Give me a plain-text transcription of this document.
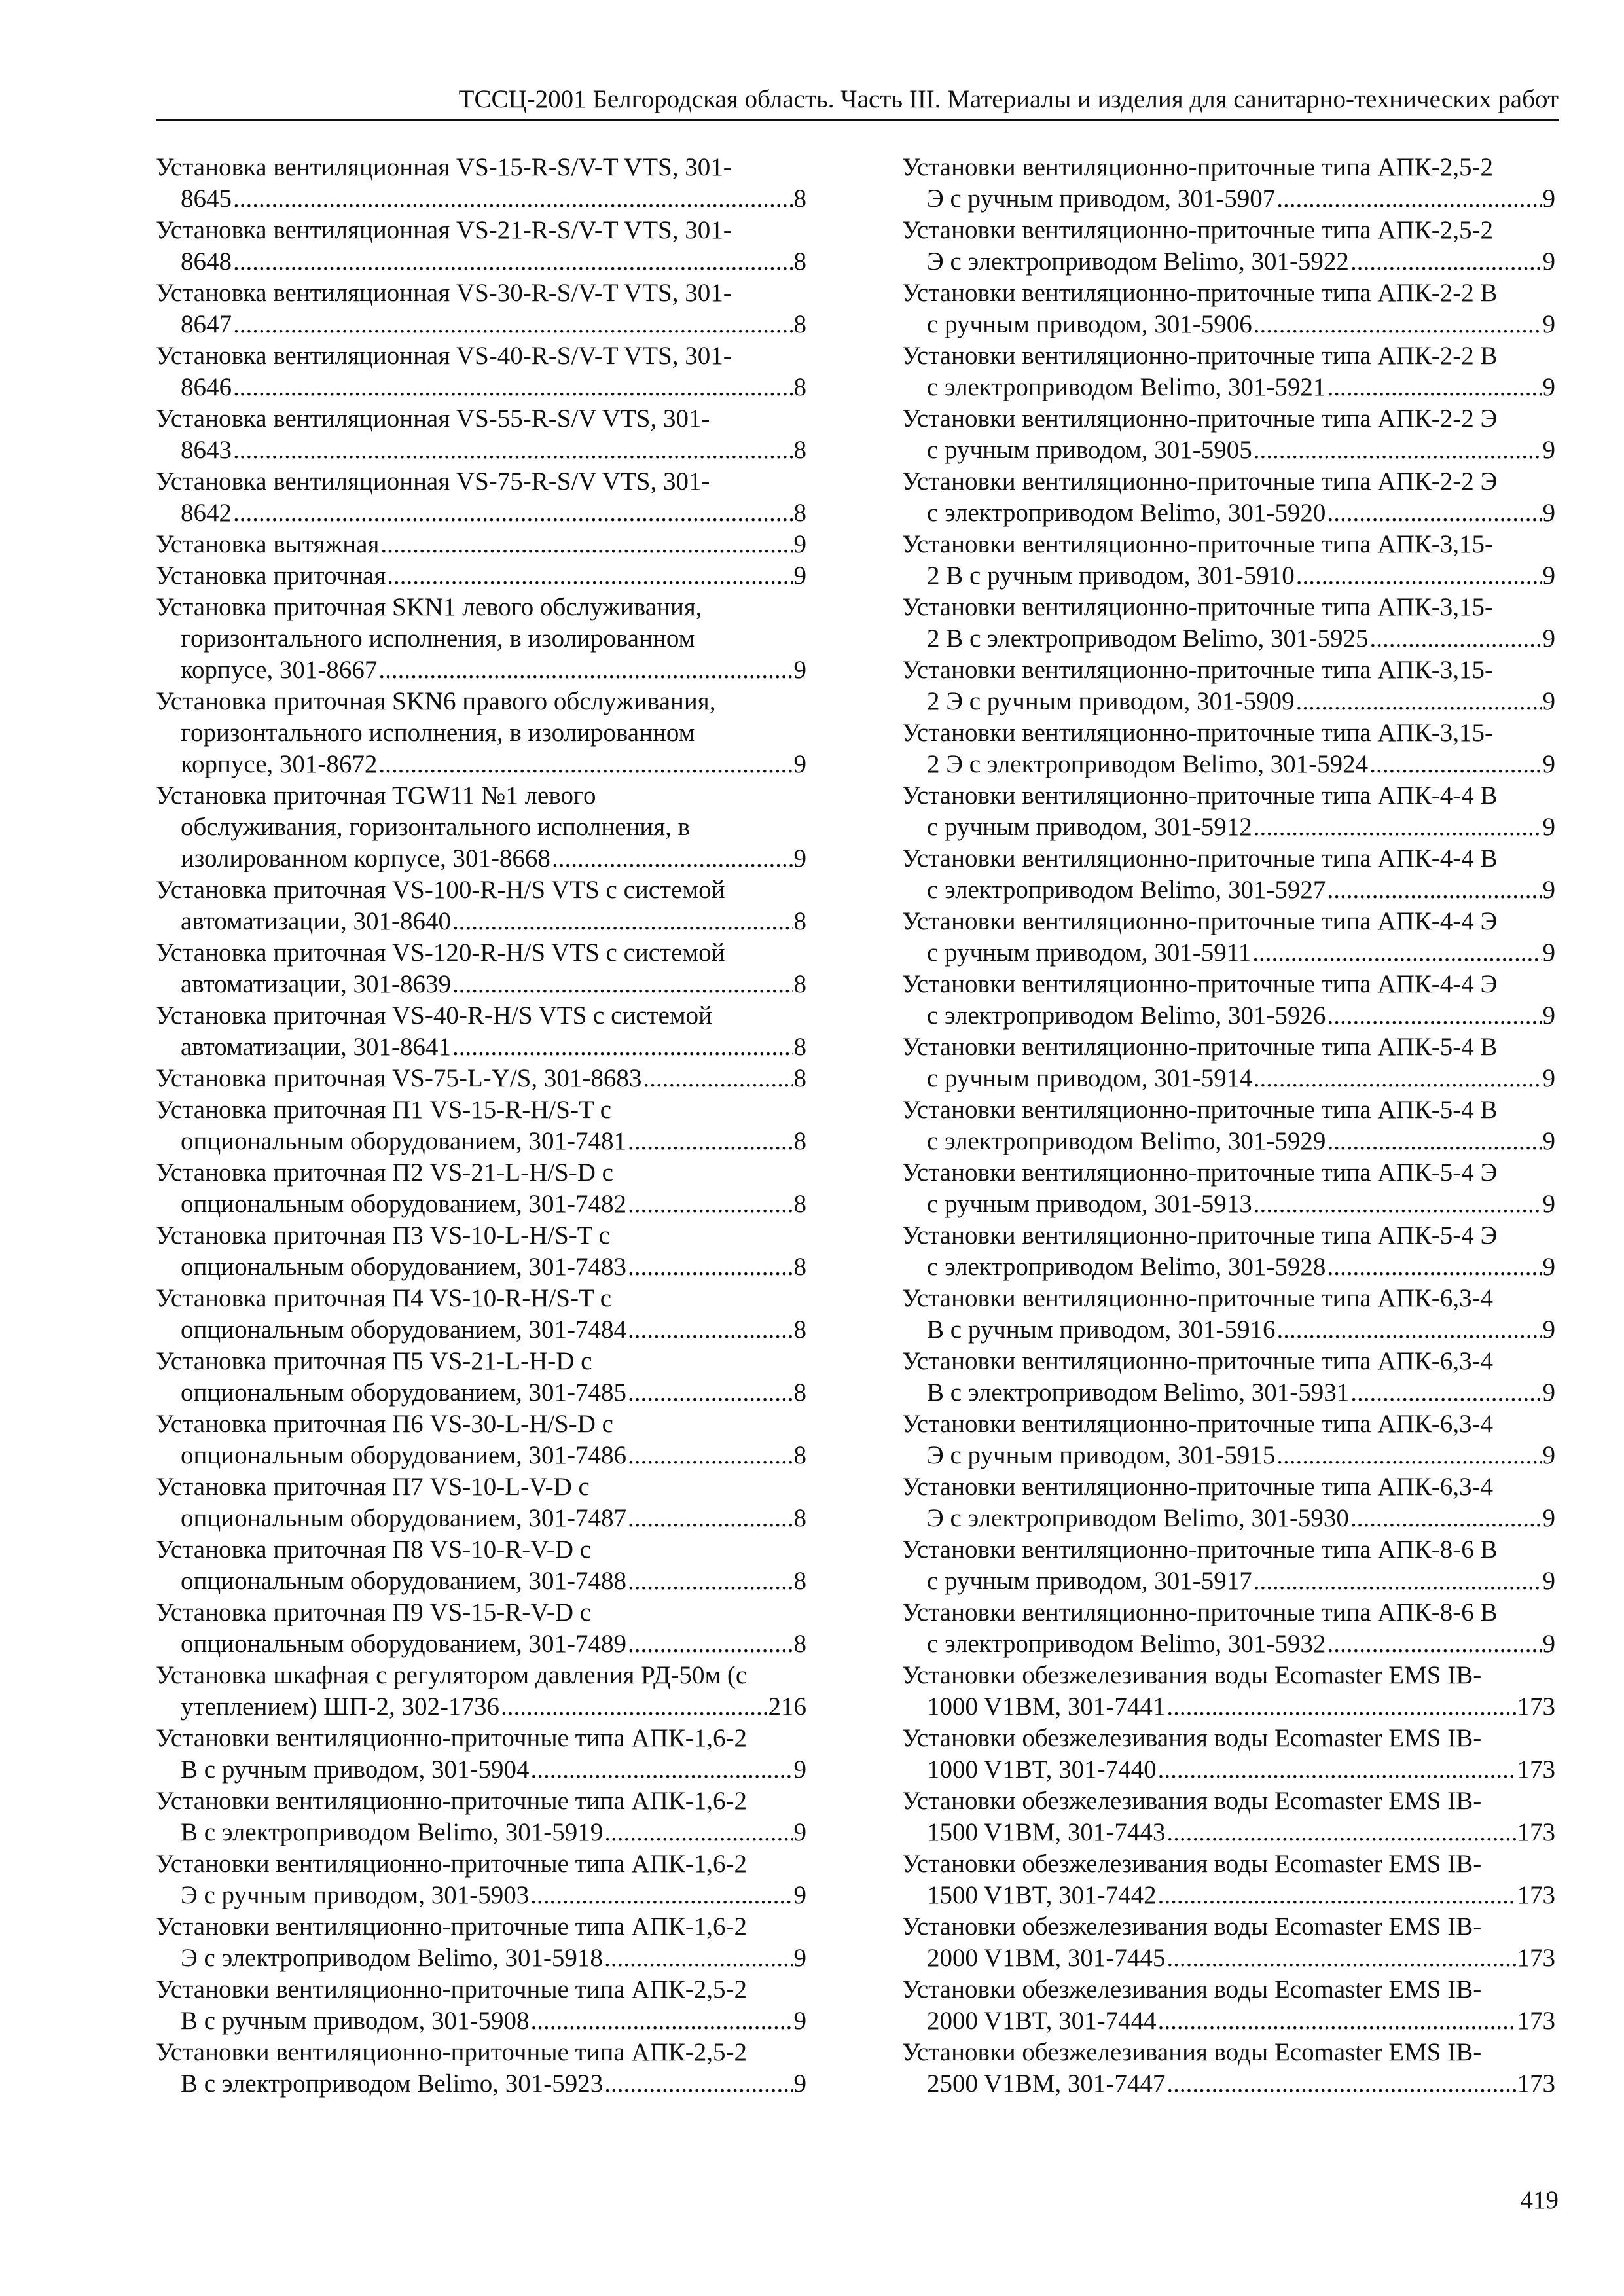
ТССЦ-2001 Белгородская область. Часть III. Материалы и изделия для санитарно-технических работ
Установка вентиляционная VS-15-R-S/V-T VTS, 301-
8645 .....	8
Установка вентиляционная VS-21-R-S/V-T VTS, 301-
8648 .....	8
Установка вентиляционная VS-30-R-S/V-T VTS, 301-
8647 .....	8
Установка вентиляционная VS-40-R-S/V-T VTS, 301-
8646 .....	8
Установка вентиляционная VS-55-R-S/V VTS, 301-
8643 .....	8
Установка вентиляционная VS-75-R-S/V VTS, 301-
8642 .....	8
Установка вытяжная .....	9
Установка приточная .....	9
Установка приточная SKN1 левого обслуживания,
горизонтального исполнения, в изолированном
корпусе, 301-8667 .....	9
Установка приточная SKN6 правого обслуживания,
горизонтального исполнения, в изолированном
корпусе, 301-8672 .....	9
Установка приточная TGW11 №1 левого
обслуживания, горизонтального исполнения, в
изолированном корпусе, 301-8668 .....	9
Установка приточная VS-100-R-H/S VTS с системой
автоматизации, 301-8640 .....	8
Установка приточная VS-120-R-H/S VTS с системой
автоматизации, 301-8639 .....	8
Установка приточная VS-40-R-H/S VTS с системой
автоматизации, 301-8641 .....	8
Установка приточная VS-75-L-Y/S, 301-8683 .....	8
Установка приточная П1 VS-15-R-H/S-T с
опциональным оборудованием, 301-7481 .....	8
Установка приточная П2 VS-21-L-H/S-D с
опциональным оборудованием, 301-7482 .....	8
Установка приточная П3 VS-10-L-H/S-T с
опциональным оборудованием, 301-7483 .....	8
Установка приточная П4 VS-10-R-H/S-T с
опциональным оборудованием, 301-7484 .....	8
Установка приточная П5 VS-21-L-H-D с
опциональным оборудованием, 301-7485 .....	8
Установка приточная П6 VS-30-L-H/S-D с
опциональным оборудованием, 301-7486 .....	8
Установка приточная П7 VS-10-L-V-D с
опциональным оборудованием, 301-7487 .....	8
Установка приточная П8 VS-10-R-V-D с
опциональным оборудованием, 301-7488 .....	8
Установка приточная П9 VS-15-R-V-D с
опциональным оборудованием, 301-7489 .....	8
Установка шкафная с регулятором давления РД-50м (с
утеплением) ШП-2, 302-1736 .....	216
Установки вентиляционно-приточные типа АПК-1,6-2
В с ручным приводом, 301-5904 .....	9
Установки вентиляционно-приточные типа АПК-1,6-2
В с электроприводом Belimo, 301-5919 .....	9
Установки вентиляционно-приточные типа АПК-1,6-2
Э с ручным приводом, 301-5903 .....	9
Установки вентиляционно-приточные типа АПК-1,6-2
Э с электроприводом Belimo, 301-5918 .....	9
Установки вентиляционно-приточные типа АПК-2,5-2
В с ручным приводом, 301-5908 .....	9
Установки вентиляционно-приточные типа АПК-2,5-2
В с электроприводом Belimo, 301-5923 .....	9
Установки вентиляционно-приточные типа АПК-2,5-2
Э с ручным приводом, 301-5907 .....	9
Установки вентиляционно-приточные типа АПК-2,5-2
Э с электроприводом Belimo, 301-5922 .....	9
Установки вентиляционно-приточные типа АПК-2-2 В
с ручным приводом, 301-5906 .....	9
Установки вентиляционно-приточные типа АПК-2-2 В
с электроприводом Belimo, 301-5921 .....	9
Установки вентиляционно-приточные типа АПК-2-2 Э
с ручным приводом, 301-5905 .....	9
Установки вентиляционно-приточные типа АПК-2-2 Э
с электроприводом Belimo, 301-5920 .....	9
Установки вентиляционно-приточные типа АПК-3,15-
2 В с ручным приводом, 301-5910 .....	9
Установки вентиляционно-приточные типа АПК-3,15-
2 В с электроприводом Belimo, 301-5925 .....	9
Установки вентиляционно-приточные типа АПК-3,15-
2 Э с ручным приводом, 301-5909 .....	9
Установки вентиляционно-приточные типа АПК-3,15-
2 Э с электроприводом Belimo, 301-5924 .....	9
Установки вентиляционно-приточные типа АПК-4-4 В
с ручным приводом, 301-5912 .....	9
Установки вентиляционно-приточные типа АПК-4-4 В
с электроприводом Belimo, 301-5927 .....	9
Установки вентиляционно-приточные типа АПК-4-4 Э
с ручным приводом, 301-5911 .....	9
Установки вентиляционно-приточные типа АПК-4-4 Э
с электроприводом Belimo, 301-5926 .....	9
Установки вентиляционно-приточные типа АПК-5-4 В
с ручным приводом, 301-5914 .....	9
Установки вентиляционно-приточные типа АПК-5-4 В
с электроприводом Belimo, 301-5929 .....	9
Установки вентиляционно-приточные типа АПК-5-4 Э
с ручным приводом, 301-5913 .....	9
Установки вентиляционно-приточные типа АПК-5-4 Э
с электроприводом Belimo, 301-5928 .....	9
Установки вентиляционно-приточные типа АПК-6,3-4
В с ручным приводом, 301-5916 .....	9
Установки вентиляционно-приточные типа АПК-6,3-4
В с электроприводом Belimo, 301-5931 .....	9
Установки вентиляционно-приточные типа АПК-6,3-4
Э с ручным приводом, 301-5915 .....	9
Установки вентиляционно-приточные типа АПК-6,3-4
Э с электроприводом Belimo, 301-5930 .....	9
Установки вентиляционно-приточные типа АПК-8-6 В
с ручным приводом, 301-5917 .....	9
Установки вентиляционно-приточные типа АПК-8-6 В
с электроприводом Belimo, 301-5932 .....	9
Установки обезжелезивания воды Ecomaster EMS IB-
1000 V1BM, 301-7441 .....	173
Установки обезжелезивания воды Ecomaster EMS IB-
1000 V1BT, 301-7440 .....	173
Установки обезжелезивания воды Ecomaster EMS IB-
1500 V1BM, 301-7443 .....	173
Установки обезжелезивания воды Ecomaster EMS IB-
1500 V1BT, 301-7442 .....	173
Установки обезжелезивания воды Ecomaster EMS IB-
2000 V1BM, 301-7445 .....	173
Установки обезжелезивания воды Ecomaster EMS IB-
2000 V1BT, 301-7444 .....	173
Установки обезжелезивания воды Ecomaster EMS IB-
2500 V1BM, 301-7447 .....	173
419
